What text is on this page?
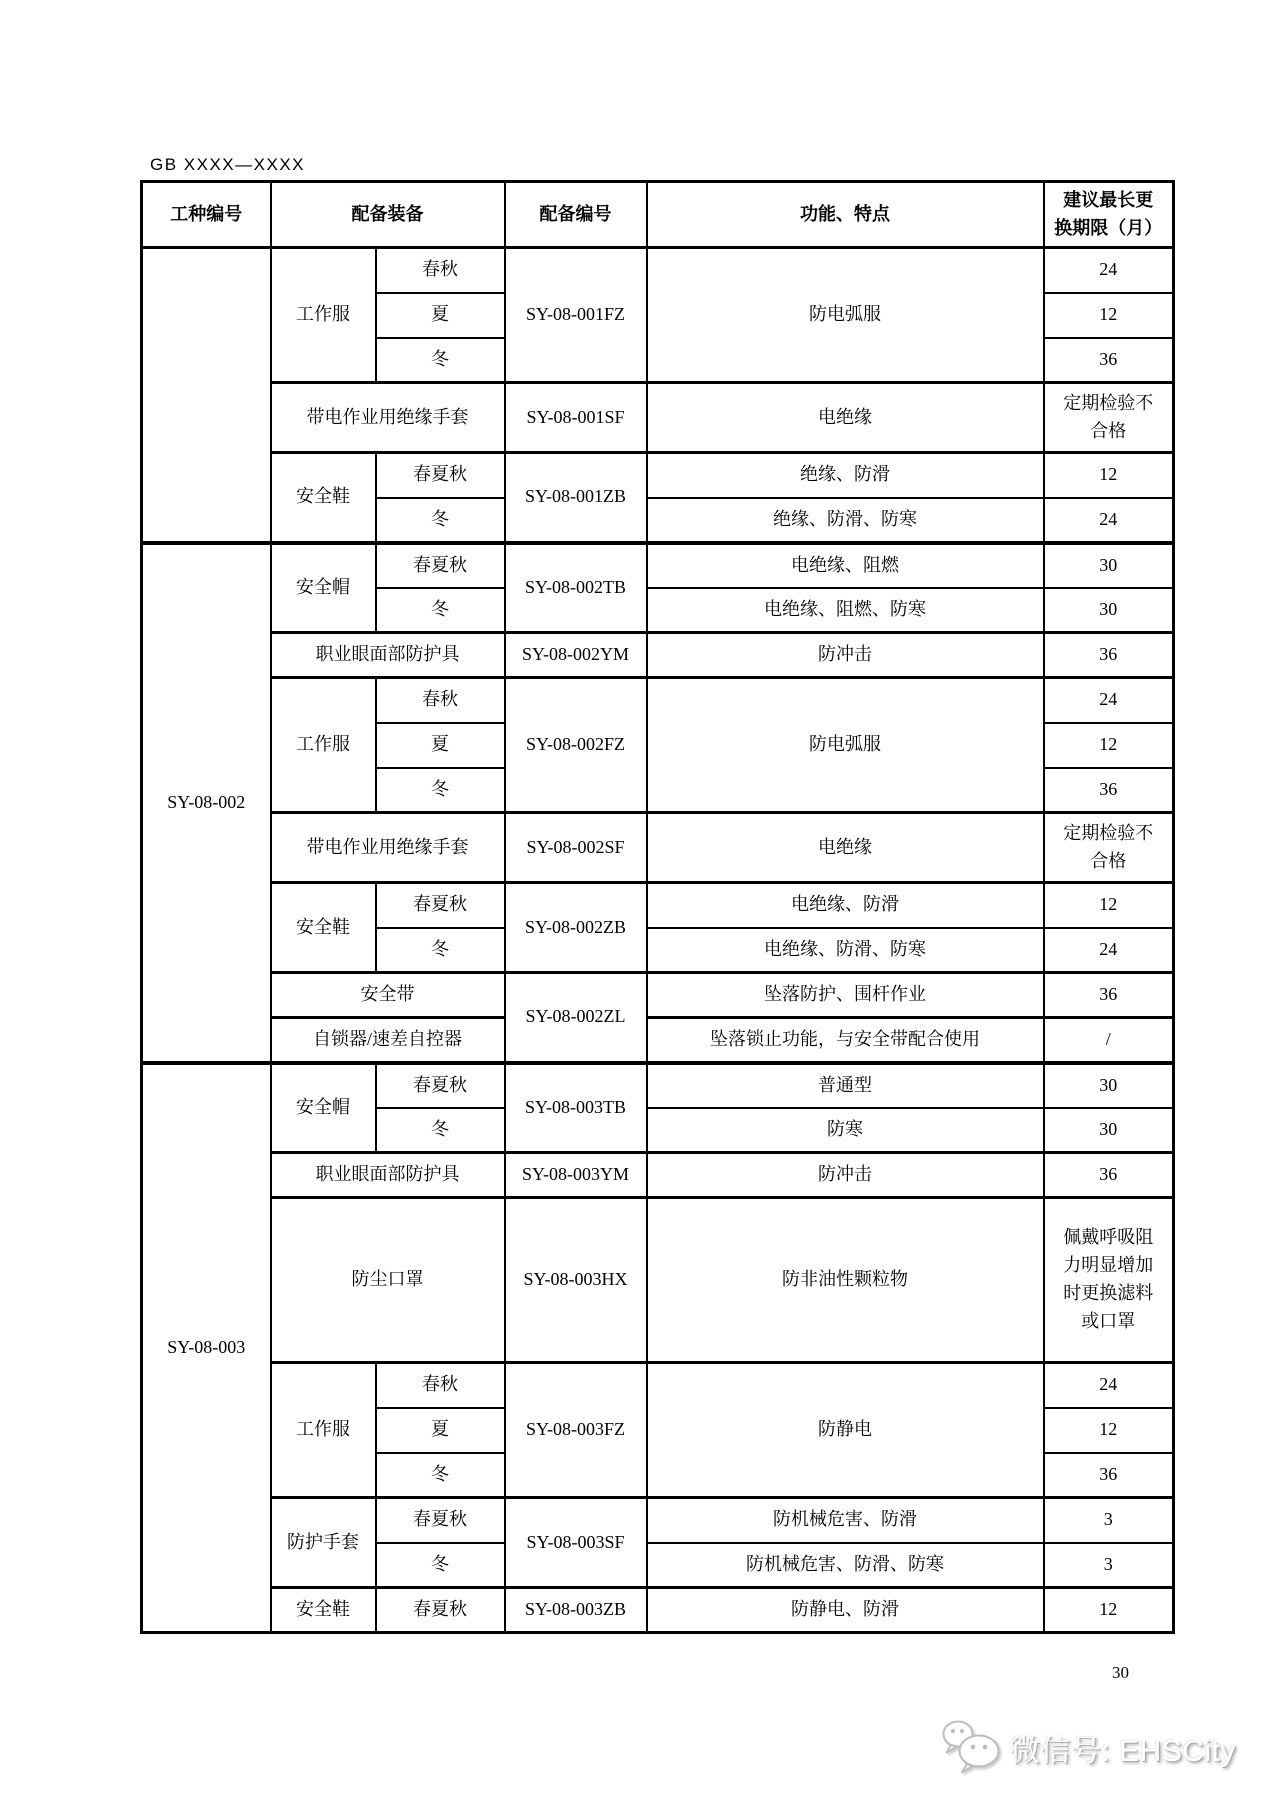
GB XXXX—XXXX
工种编号	配备装备		配备编号	功能、特点	建议最长更
换期限（月）
	工作服	春秋	SY-08-001FZ	防电弧服	24
		夏			12
		冬			36
	带电作业用绝缘手套		SY-08-001SF	电绝缘	定期检验不合格

	安全鞋	春夏秋	SY-08-001ZB	绝缘、防滑	12
		冬		绝缘、防滑、防寒	24
SY-08-002	安全帽	春夏秋	SY-08-002TB	电绝缘、阻燃	30
		冬		电绝缘、阻燃、防寒	30
	职业眼面部防护具		SY-08-002YM	防冲击	36
	工作服	春秋	SY-08-002FZ	防电弧服	24
		夏			12
		冬			36
	带电作业用绝缘手套		SY-08-002SF	电绝缘	定期检验不合格

	安全鞋	春夏秋	SY-08-002ZB	电绝缘、防滑	12
		冬		电绝缘、防滑、防寒	24
	安全带		SY-08-002ZL	坠落防护、围杆作业	36
	自锁器/速差自控器			坠落锁止功能，与安全带配合使用	/
SY-08-003	安全帽	春夏秋	SY-08-003TB	普通型	30
		冬		防寒	30
	职业眼面部防护具		SY-08-003YM	防冲击	36
	防尘口罩		SY-08-003HX	防非油性颗粒物	佩戴呼吸阻力明显增加时更换滤料或口罩

	工作服	春秋	SY-08-003FZ	防静电	24
		夏			12
		冬			36
	防护手套	春夏秋	SY-08-003SF	防机械危害、防滑	3
		冬		防机械危害、防滑、防寒	3
	安全鞋	春夏秋	SY-08-003ZB	防静电、防滑	12
30
微信号: EHSCity
